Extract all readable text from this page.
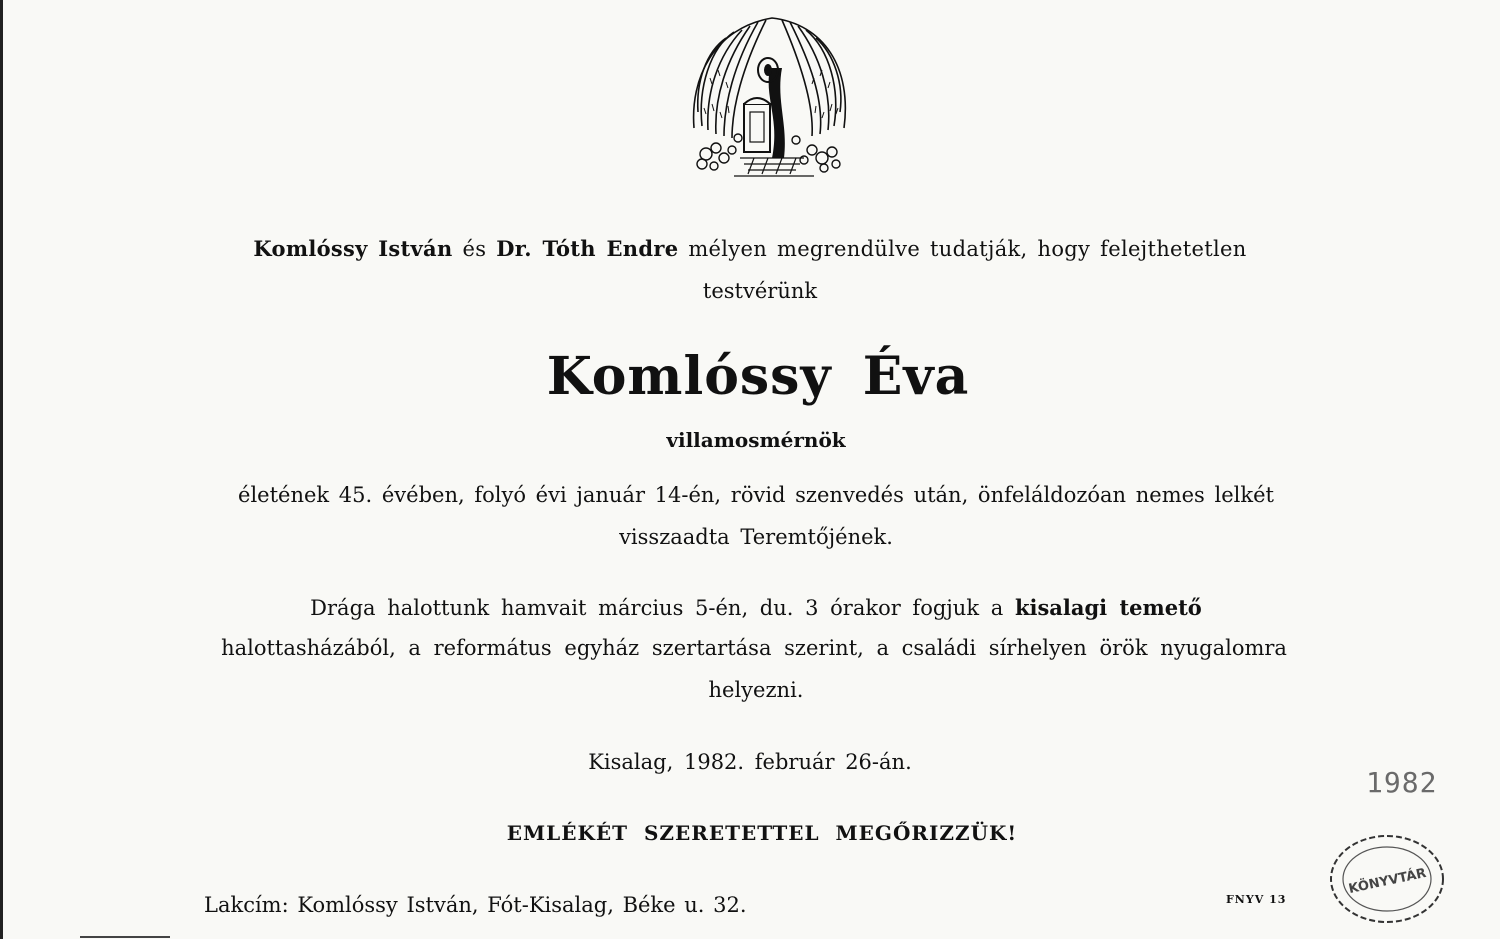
Komlóssy István és Dr. Tóth Endre mélyen megrendülve tudatják, hogy felejthetetlen
testvérünk
Komlóssy Éva
villamosmérnök
életének 45. évében, folyó évi január 14-én, rövid szenvedés után, önfeláldozóan nemes lelkét
visszaadta Teremtőjének.
Drága halottunk hamvait március 5-én, du. 3 órakor fogjuk a kisalagi temető
halottasházából, a református egyház szertartása szerint, a családi sírhelyen örök nyugalomra
helyezni.
Kisalag, 1982. február 26-án.
EMLÉKÉT SZERETETTEL MEGŐRIZZÜK!
Lakcím: Komlóssy István, Fót-Kisalag, Béke u. 32.	FNYV 13
1982
KÖNYVTÁR
